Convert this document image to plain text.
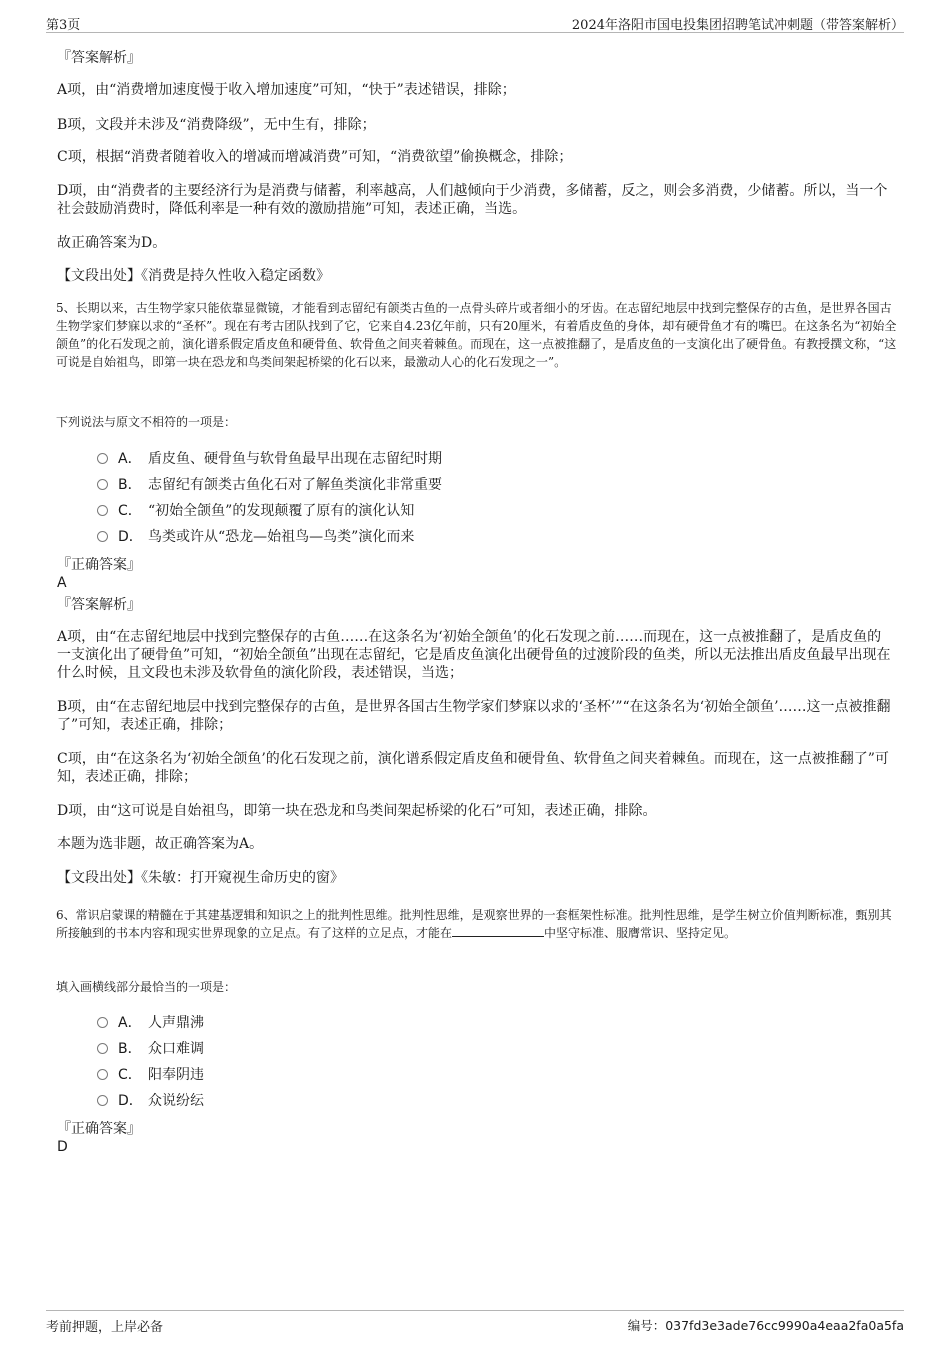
第3页	2024年洛阳市国电投集团招聘笔试冲刺题（带答案解析）

『答案解析』

A项，由“消费增加速度慢于收入增加速度”可知，“快于”表述错误，排除；

B项，文段并未涉及“消费降级”，无中生有，排除；

C项，根据“消费者随着收入的增减而增减消费”可知，“消费欲望”偷换概念，排除；

D项，由“消费者的主要经济行为是消费与储蓄，利率越高，人们越倾向于少消费，多储蓄，反之，则会多消费，少储蓄。所以，当一个社会鼓励消费时，降低利率是一种有效的激励措施”可知，表述正确，当选。

故正确答案为D。

【文段出处】《消费是持久性收入稳定函数》

5、长期以来，古生物学家只能依靠显微镜，才能看到志留纪有颌类古鱼的一点骨头碎片或者细小的牙齿。在志留纪地层中找到完整保存的古鱼，是世界各国古生物学家们梦寐以求的“圣杯”。现在有考古团队找到了它，它来自4.23亿年前，只有20厘米，有着盾皮鱼的身体，却有硬骨鱼才有的嘴巴。在这条名为“初始全颌鱼”的化石发现之前，演化谱系假定盾皮鱼和硬骨鱼、软骨鱼之间夹着棘鱼。而现在，这一点被推翻了，是盾皮鱼的一支演化出了硬骨鱼。有教授撰文称，“这可说是自始祖鸟，即第一块在恐龙和鸟类间架起桥梁的化石以来，最激动人心的化石发现之一”。

下列说法与原文不相符的一项是：

A． 盾皮鱼、硬骨鱼与软骨鱼最早出现在志留纪时期
B． 志留纪有颌类古鱼化石对了解鱼类演化非常重要
C． “初始全颌鱼”的发现颠覆了原有的演化认知
D． 鸟类或许从“恐龙—始祖鸟—鸟类”演化而来

『正确答案』

A

『答案解析』

A项，由“在志留纪地层中找到完整保存的古鱼……在这条名为‘初始全颌鱼’的化石发现之前……而现在，这一点被推翻了，是盾皮鱼的一支演化出了硬骨鱼”可知，“初始全颌鱼”出现在志留纪，它是盾皮鱼演化出硬骨鱼的过渡阶段的鱼类，所以无法推出盾皮鱼最早出现在什么时候，且文段也未涉及软骨鱼的演化阶段，表述错误，当选；

B项，由“在志留纪地层中找到完整保存的古鱼，是世界各国古生物学家们梦寐以求的‘圣杯’”“在这条名为‘初始全颌鱼’……这一点被推翻了”可知，表述正确，排除；

C项，由“在这条名为‘初始全颌鱼’的化石发现之前，演化谱系假定盾皮鱼和硬骨鱼、软骨鱼之间夹着棘鱼。而现在，这一点被推翻了”可知，表述正确，排除；

D项，由“这可说是自始祖鸟，即第一块在恐龙和鸟类间架起桥梁的化石”可知，表述正确，排除。

本题为选非题，故正确答案为A。

【文段出处】《朱敏：打开窥视生命历史的窗》

6、常识启蒙课的精髓在于其建基逻辑和知识之上的批判性思维。批判性思维，是观察世界的一套框架性标准。批判性思维，是学生树立价值判断标准，甄别其所接触到的书本内容和现实世界现象的立足点。有了这样的立足点，才能在	中坚守标准、服膺常识、坚持定见。

填入画横线部分最恰当的一项是：

A． 人声鼎沸
B． 众口难调
C． 阳奉阴违
D． 众说纷纭

『正确答案』

D

考前押题，上岸必备	编号：037fd3e3ade76cc9990a4eaa2fa0a5fa
